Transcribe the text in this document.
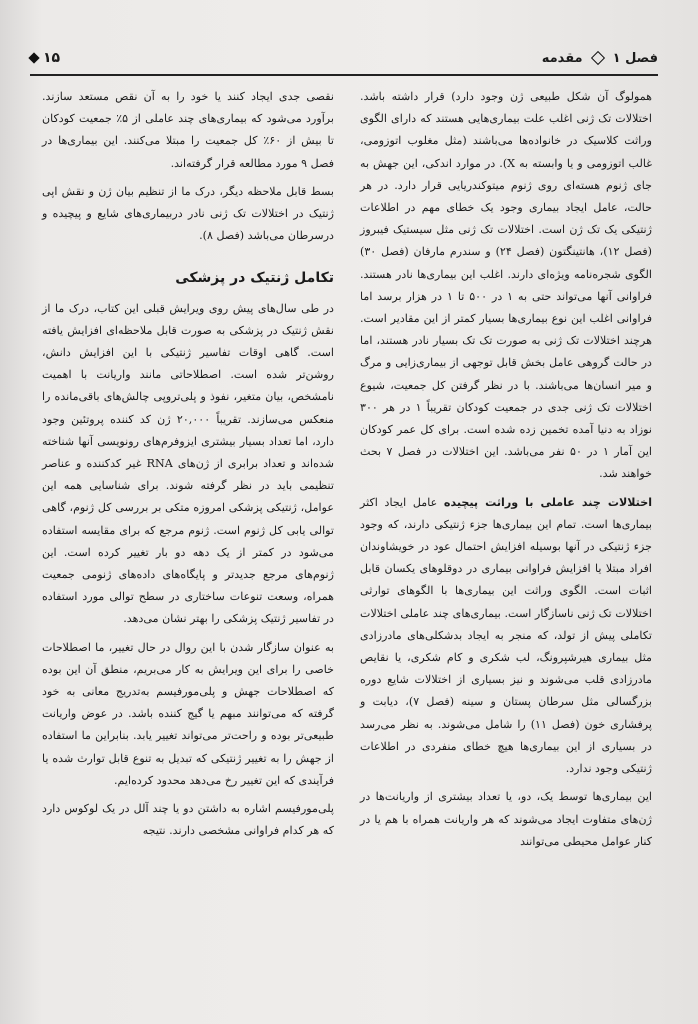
فصل ۱
مقدمه
۱۵

همولوگ آن شکل طبیعی ژن وجود دارد) قرار داشته باشد. اختلالات تک ژنی اغلب علت بیماری‌هایی هستند که دارای الگوی وراثت کلاسیک در خانواده‌ها می‌باشند (مثل مغلوب اتوزومی، غالب اتوزومی و یا وابسته به X). در موارد اندکی، این جهش به جای ژنوم هسته‌ای روی ژنوم میتوکندریایی قرار دارد. در هر حالت، عامل ایجاد بیماری وجود یک خطای مهم در اطلاعات ژنتیکی یک تک ژن است. اختلالات تک ژنی مثل سیستیک فیبروز (فصل ۱۲)، هانتینگتون (فصل ۲۴) و سندرم مارفان (فصل ۳۰) الگوی شجره‌نامه ویژه‌ای دارند. اغلب این بیماری‌ها نادر هستند. فراوانی آنها می‌تواند حتی به ۱ در ۵۰۰ تا ۱ در هزار برسد اما فراوانی اغلب این نوع بیماری‌ها بسیار کمتر از این مقادیر است. هرچند اختلالات تک ژنی به صورت تک تک بسیار نادر هستند، اما در حالت گروهی عامل بخش قابل توجهی از بیماری‌زایی و مرگ و میر انسان‌ها می‌باشند. با در نظر گرفتن کل جمعیت، شیوع اختلالات تک ژنی جدی در جمعیت کودکان تقریباً ۱ در هر ۳۰۰ نوزاد به دنیا آمده تخمین زده شده است. برای کل عمر کودکان این آمار ۱ در ۵۰ نفر می‌باشد. این اختلالات در فصل ۷ بحث خواهند شد.

اختلالات چند عاملی با وراثت پیچیده عامل ایجاد اکثر بیماری‌ها است. تمام این بیماری‌ها جزء ژنتیکی دارند، که وجود جزء ژنتیکی در آنها بوسیله افزایش احتمال عود در خویشاوندان افراد مبتلا یا افزایش فراوانی بیماری در دوقلوهای یکسان قابل اثبات است. الگوی وراثت این بیماری‌ها با الگوهای توارثی اختلالات تک ژنی ناسازگار است. بیماری‌های چند عاملی اختلالات تکاملی پیش از تولد، که منجر به ایجاد بدشکلی‌های مادرزادی مثل بیماری هیرشپرونگ، لب شکری و کام شکری، یا نقایص مادرزادی قلب می‌شوند و نیز بسیاری از اختلالات شایع دوره بزرگسالی مثل سرطان پستان و سینه (فصل ۷)، دیابت و پرفشاری خون (فصل ۱۱) را شامل می‌شوند. به نظر می‌رسد در بسیاری از این بیماری‌ها هیچ خطای منفردی در اطلاعات ژنتیکی وجود ندارد.

این بیماری‌ها توسط یک، دو، یا تعداد بیشتری از واریانت‌ها در ژن‌های متفاوت ایجاد می‌شوند که هر واریانت همراه با هم یا در کنار عوامل محیطی می‌توانند

نقصی جدی ایجاد کنند یا خود را به آن نقص مستعد سازند. برآورد می‌شود که بیماری‌های چند عاملی از ۵٪ جمعیت کودکان تا بیش از ۶۰٪ کل جمعیت را مبتلا می‌کنند. این بیماری‌ها در فصل ۹ مورد مطالعه قرار گرفته‌اند.

بسط قابل ملاحظه دیگر، درک ما از تنظیم بیان ژن و نقش اپی ژنتیک در اختلالات تک ژنی نادر دربیماری‌های شایع و پیچیده و درسرطان می‌باشد (فصل ۸).

تکامل ژنتیک در پزشکی

در طی سال‌های پیش روی ویرایش قبلی این کتاب، درک ما از نقش ژنتیک در پزشکی به صورت قابل ملاحظه‌ای افزایش یافته است. گاهی اوقات تفاسیر ژنتیکی با این افزایش دانش، روشن‌تر شده است. اصطلاحاتی مانند واریانت با اهمیت نامشخص، بیان متغیر، نفوذ و پلی‌تروپی چالش‌های باقی‌مانده را منعکس می‌سازند. تقریباً ۲۰,۰۰۰ ژن کد کننده پروتئین وجود دارد، اما تعداد بسیار بیشتری ایزوفرم‌های رونویسی آنها شناخته شده‌اند و تعداد برابری از ژن‌های RNA غیر کدکننده و عناصر تنظیمی باید در نظر گرفته شوند. برای شناسایی همه این عوامل، ژنتیکی پزشکی امروزه متکی بر بررسی کل ژنوم، گاهی توالی یابی کل ژنوم است. ژنوم مرجع که برای مقایسه استفاده می‌شود در کمتر از یک دهه دو بار تغییر کرده است. این ژنوم‌های مرجع جدیدتر و پایگاه‌های داده‌های ژنومی جمعیت همراه، وسعت تنوعات ساختاری در سطح توالی مورد استفاده در تفاسیر ژنتیک پزشکی را بهتر نشان می‌دهد.

به عنوان سازگار شدن با این روال در حال تغییر، ما اصطلاحات خاصی را برای این ویرایش به کار می‌بریم، منطق آن این بوده که اصطلاحات جهش و پلی‌مورفیسم به‌تدریج معانی به خود گرفته که می‌توانند مبهم یا گیج کننده باشد. در عوض واریانت طبیعی‌تر بوده و راحت‌تر می‌تواند تغییر یابد. بنابراین ما استفاده از جهش را به تغییر ژنتیکی که تبدیل به تنوع قابل توارث شده یا فرآیندی که این تغییر رخ می‌دهد محدود کرده‌ایم.

پلی‌مورفیسم اشاره به داشتن دو یا چند آلل در یک لوکوس دارد که هر کدام فراوانی مشخصی دارند. نتیجه
